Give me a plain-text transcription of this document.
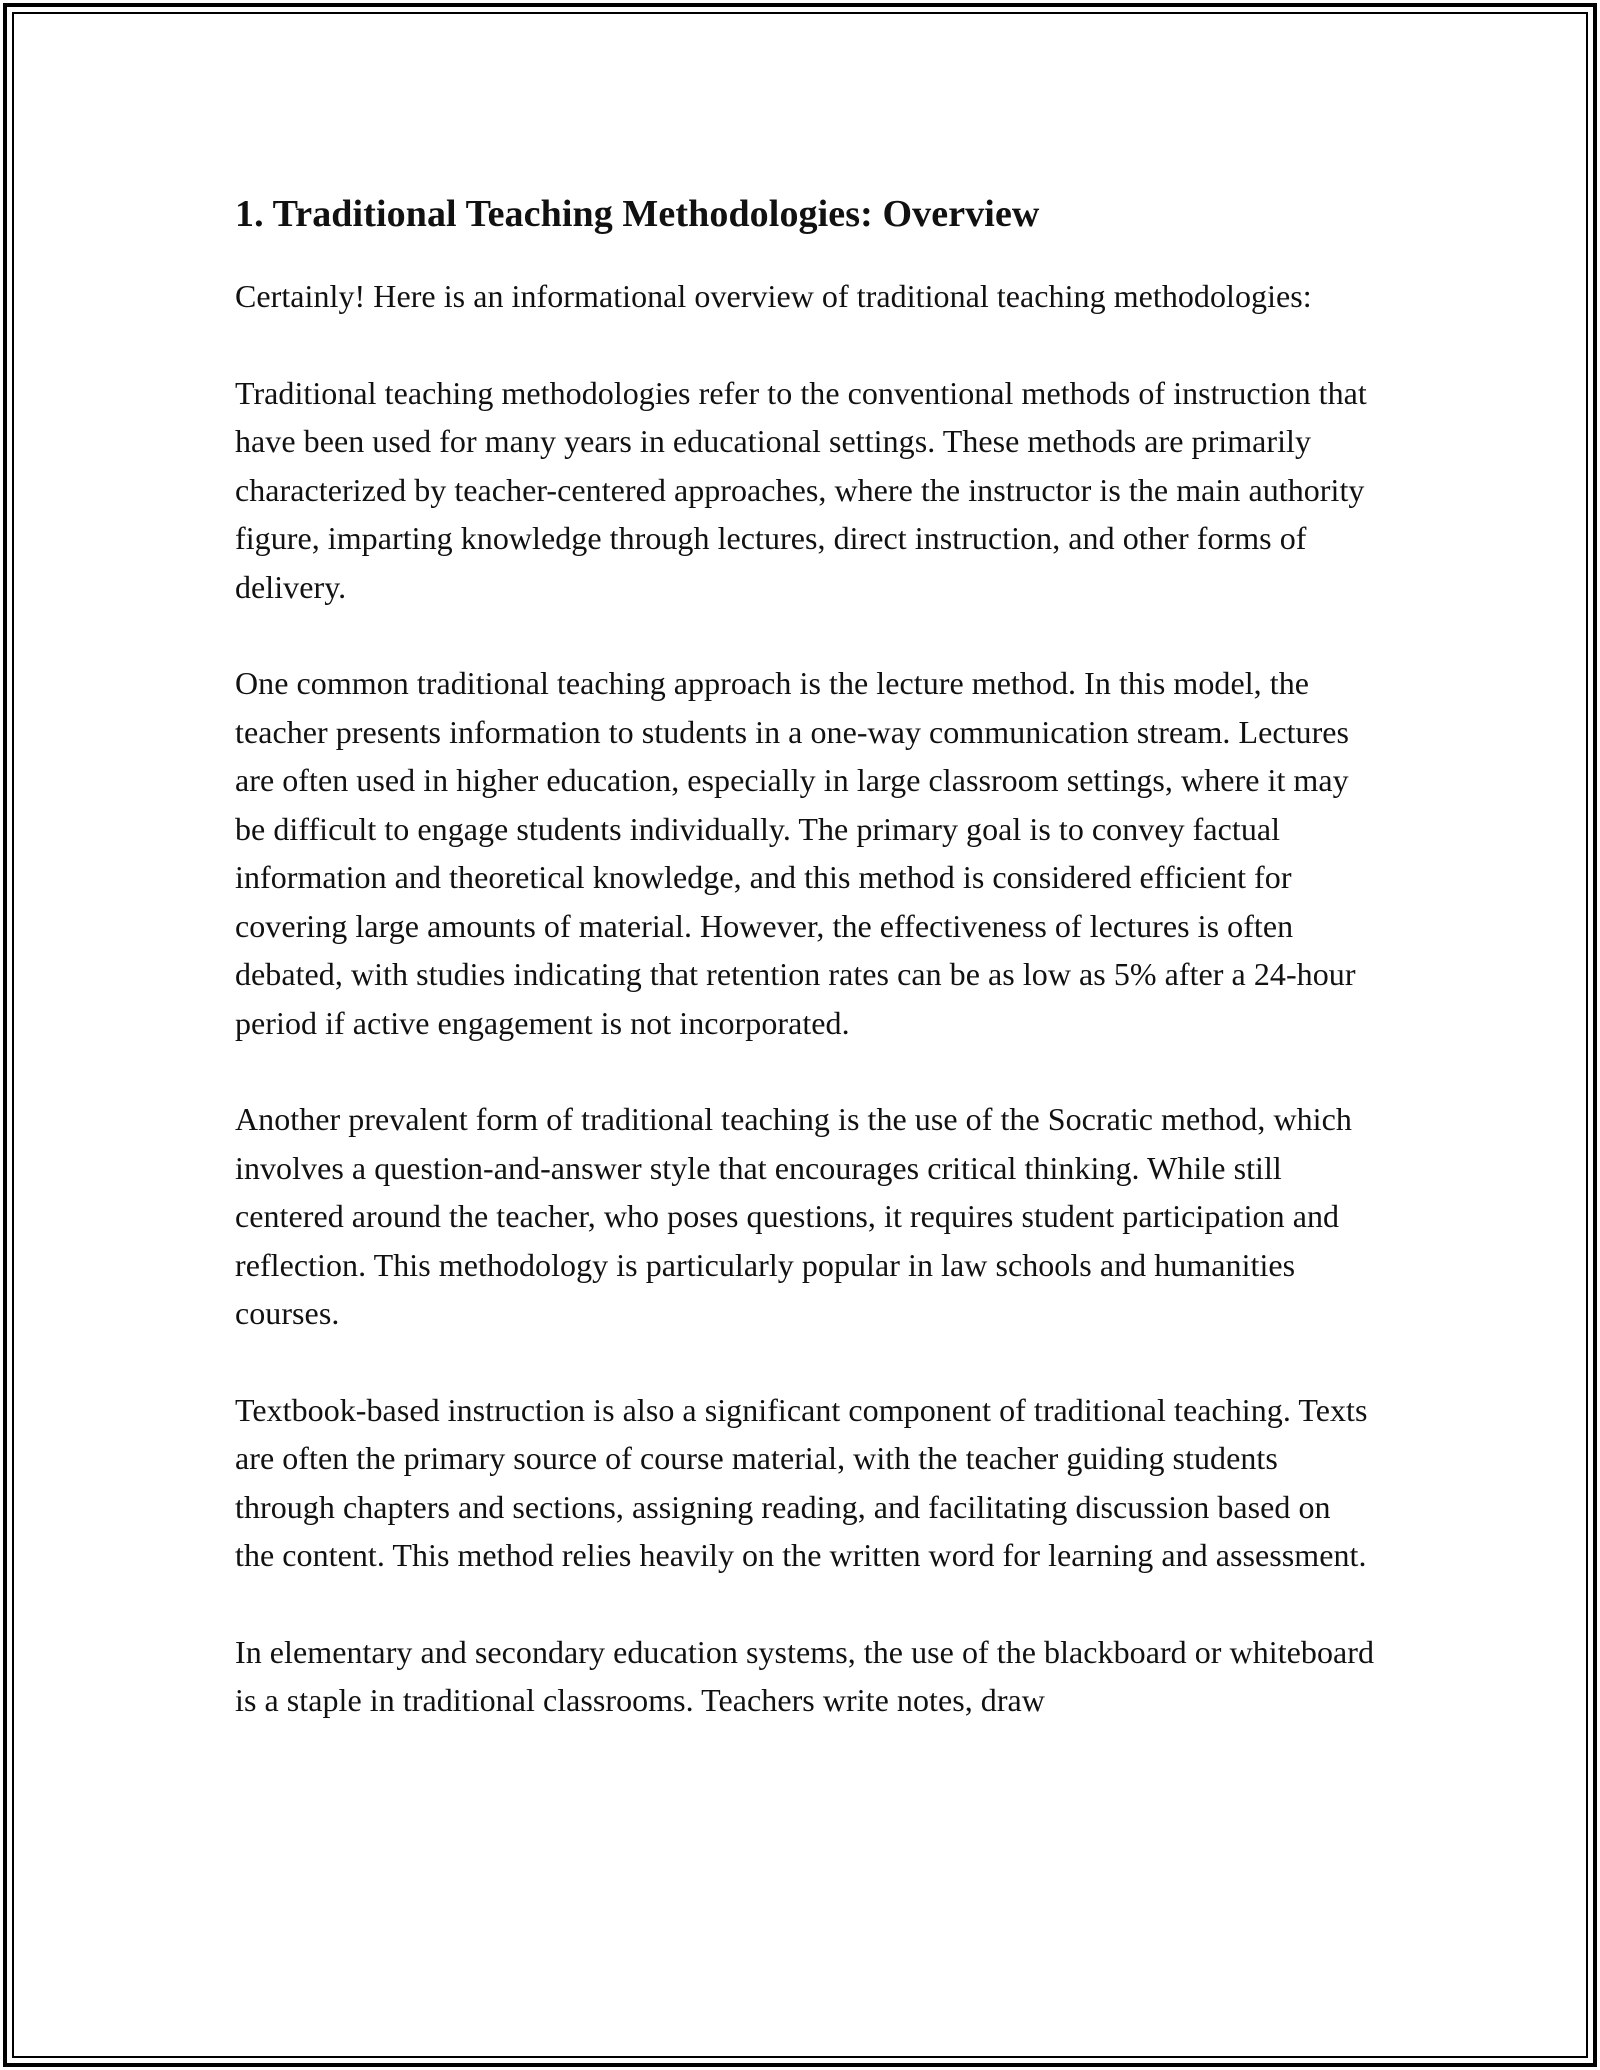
1. Traditional Teaching Methodologies: Overview

Certainly! Here is an informational overview of traditional teaching methodologies:

Traditional teaching methodologies refer to the conventional methods of instruction that have been used for many years in educational settings. These methods are primarily characterized by teacher-centered approaches, where the instructor is the main authority figure, imparting knowledge through lectures, direct instruction, and other forms of delivery.

One common traditional teaching approach is the lecture method. In this model, the teacher presents information to students in a one-way communication stream. Lectures are often used in higher education, especially in large classroom settings, where it may be difficult to engage students individually. The primary goal is to convey factual information and theoretical knowledge, and this method is considered efficient for covering large amounts of material. However, the effectiveness of lectures is often debated, with studies indicating that retention rates can be as low as 5% after a 24-hour period if active engagement is not incorporated.

Another prevalent form of traditional teaching is the use of the Socratic method, which involves a question-and-answer style that encourages critical thinking. While still centered around the teacher, who poses questions, it requires student participation and reflection. This methodology is particularly popular in law schools and humanities courses.

Textbook-based instruction is also a significant component of traditional teaching. Texts are often the primary source of course material, with the teacher guiding students through chapters and sections, assigning reading, and facilitating discussion based on the content. This method relies heavily on the written word for learning and assessment.

In elementary and secondary education systems, the use of the blackboard or whiteboard is a staple in traditional classrooms. Teachers write notes, draw
